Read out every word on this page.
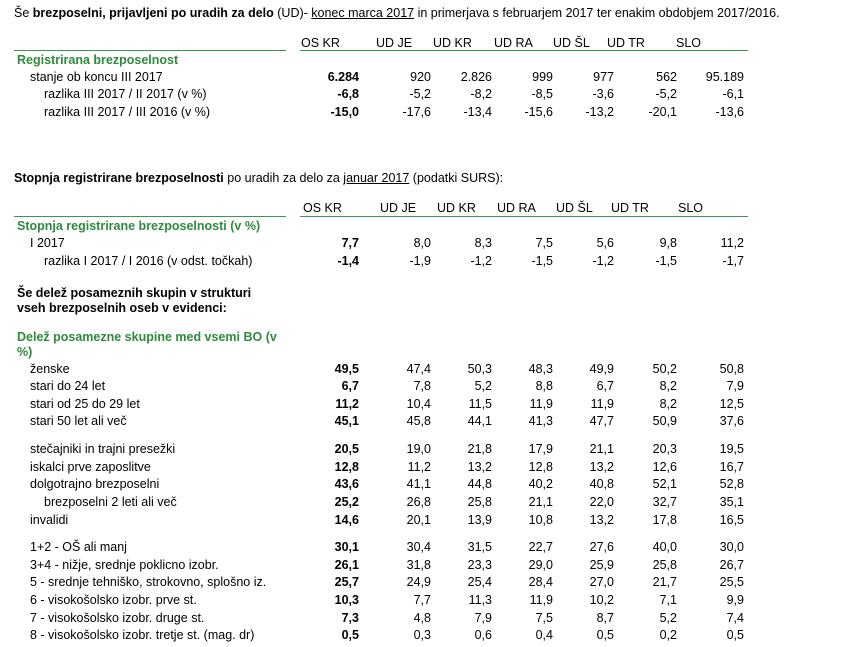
Še brezposelni, prijavljeni po uradih za delo (UD)- konec marca 2017 in primerjava s februarjem 2017 ter enakim obdobjem 2017/2016.
OS KR	UD JE UD KR UD RA UD ŠL UD TR SLO
Registrirana brezposelnost
stanje ob koncu III 2017	6.284	920 2.826	999	977	562 95.189
razlika III 2017 / II 2017 (v %)	-6,8	-5,2	-8,2	-8,5	-3,6	-5,2	-6,1
razlika III 2017 / III 2016 (v %)	-15,0	-17,6	-13,4	-15,6	-13,2	-20,1	-13,6
Stopnja registrirane brezposelnosti po uradih za delo za januar 2017 (podatki SURS):
OS KR	UD JE UD KR UD RA UD ŠL UD TR SLO
Stopnja registrirane brezposelnosti (v %)
I 2017	7,7	8,0	8,3	7,5	5,6	9,8	11,2
razlika I 2017 / I 2016 (v odst. točkah)	-1,4	-1,9	-1,2	-1,5	-1,2	-1,5	-1,7
Še delež posameznih skupin v strukturi
vseh brezposelnih oseb v evidenci:
Delež posamezne skupine med vsemi BO (v
%)
ženske	49,5	47,4	50,3	48,3	49,9	50,2	50,8
stari do 24 let	6,7	7,8	5,2	8,8	6,7	8,2	7,9
stari od 25 do 29 let	11,2	10,4	11,5	11,9	11,9	8,2	12,5
stari 50 let ali več	45,1	45,8	44,1	41,3	47,7	50,9	37,6
stečajniki in trajni presežki	20,5	19,0	21,8	17,9	21,1	20,3	19,5
iskalci prve zaposlitve	12,8	11,2	13,2	12,8	13,2	12,6	16,7
dolgotrajno brezposelni	43,6	41,1	44,8	40,2	40,8	52,1	52,8
brezposelni 2 leti ali več	25,2	26,8	25,8	21,1	22,0	32,7	35,1
invalidi	14,6	20,1	13,9	10,8	13,2	17,8	16,5
1+2 - OŠ ali manj	30,1	30,4	31,5	22,7	27,6	40,0	30,0
3+4 - nižje, srednje poklicno izobr.	26,1	31,8	23,3	29,0	25,9	25,8	26,7
5 - srednje tehniško, strokovno, splošno iz.	25,7	24,9	25,4	28,4	27,0	21,7	25,5
6 - visokošolsko izobr. prve st.	10,3	7,7	11,3	11,9	10,2	7,1	9,9
7 - visokošolsko izobr. druge st.	7,3	4,8	7,9	7,5	8,7	5,2	7,4
8 - visokošolsko izobr. tretje st. (mag. dr)	0,5	0,3	0,6	0,4	0,5	0,2	0,5
